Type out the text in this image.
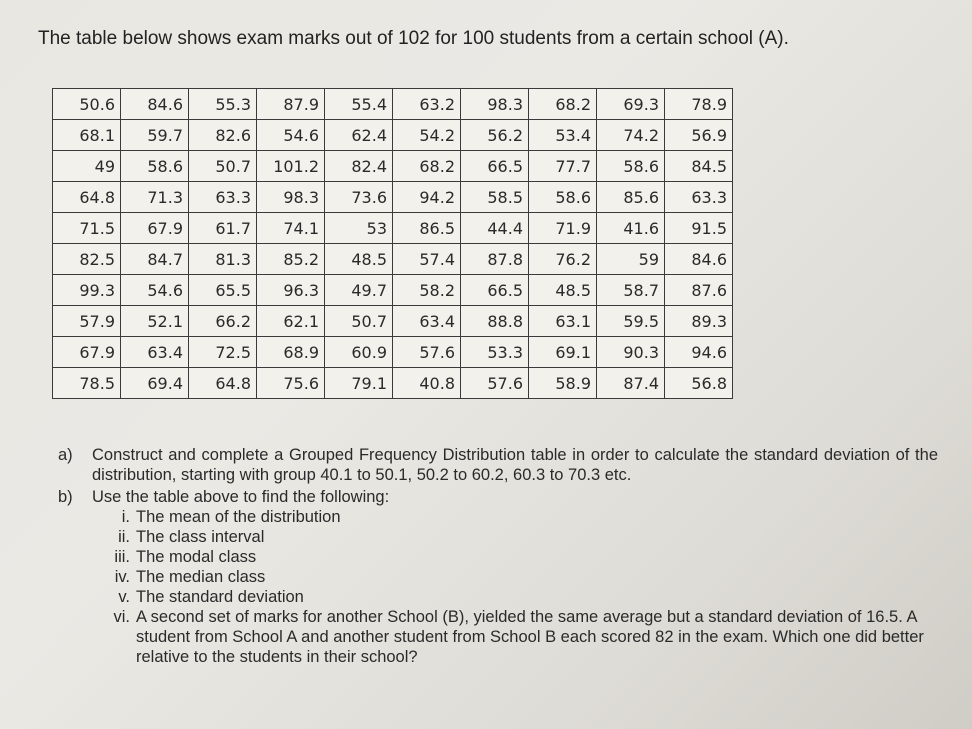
The table below shows exam marks out of 102 for 100 students from a certain school (A).
50.6	84.6	55.3	87.9	55.4	63.2	98.3	68.2	69.3	78.9
68.1	59.7	82.6	54.6	62.4	54.2	56.2	53.4	74.2	56.9
49	58.6	50.7	101.2	82.4	68.2	66.5	77.7	58.6	84.5
64.8	71.3	63.3	98.3	73.6	94.2	58.5	58.6	85.6	63.3
71.5	67.9	61.7	74.1	53	86.5	44.4	71.9	41.6	91.5
82.5	84.7	81.3	85.2	48.5	57.4	87.8	76.2	59	84.6
99.3	54.6	65.5	96.3	49.7	58.2	66.5	48.5	58.7	87.6
57.9	52.1	66.2	62.1	50.7	63.4	88.8	63.1	59.5	89.3
67.9	63.4	72.5	68.9	60.9	57.6	53.3	69.1	90.3	94.6
78.5	69.4	64.8	75.6	79.1	40.8	57.6	58.9	87.4	56.8
a)	Construct and complete a Grouped Frequency Distribution table in order to calculate the standard deviation of the distribution, starting with group 40.1 to 50.1, 50.2 to 60.2, 60.3 to 70.3 etc.
b)	Use the table above to find the following:
i. The mean of the distribution
ii. The class interval
iii. The modal class
iv. The median class
v. The standard deviation
vi. A second set of marks for another School (B), yielded the same average but a standard deviation of 16.5. A student from School A and another student from School B each scored 82 in the exam. Which one did better relative to the students in their school?
